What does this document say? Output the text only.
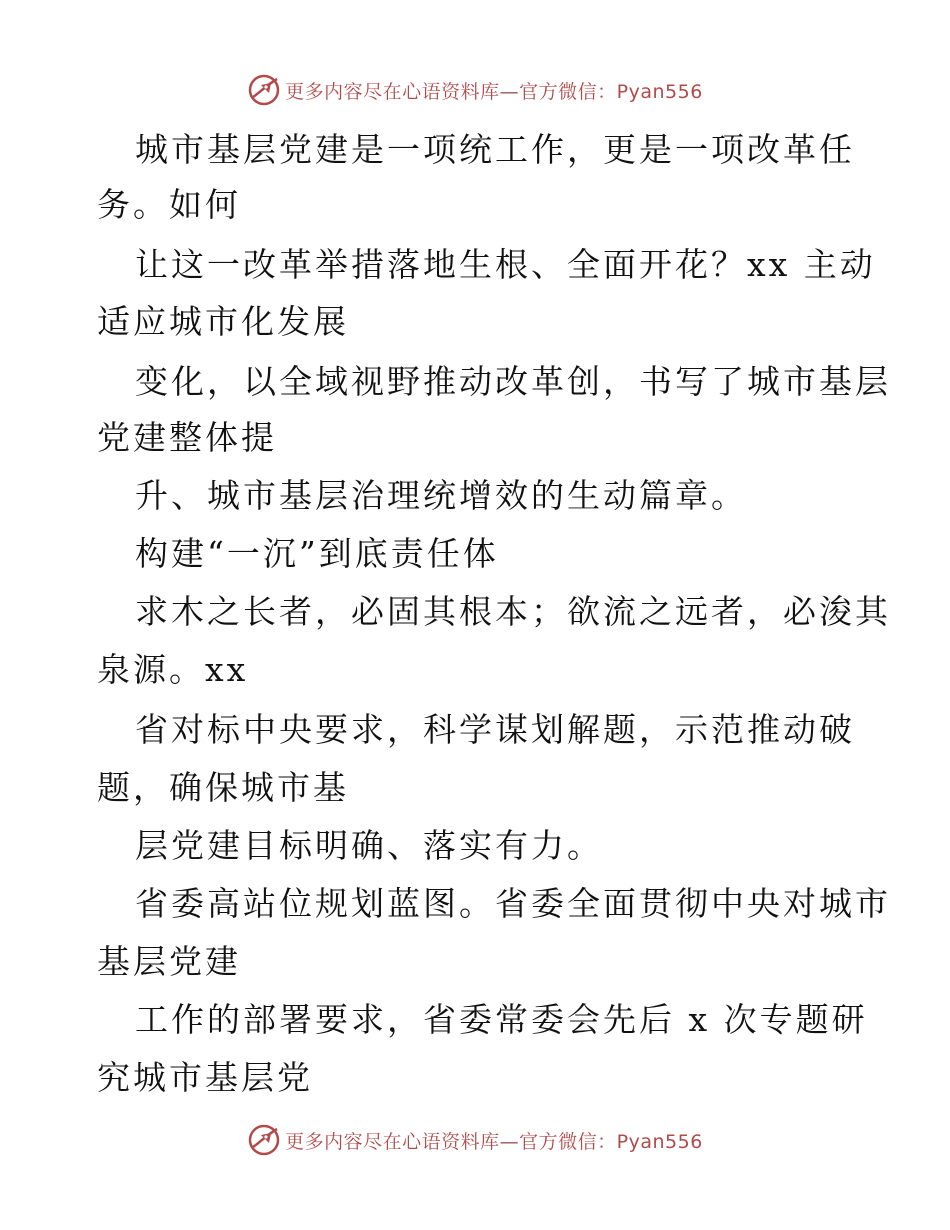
更多内容尽在心语资料库—官方微信：Pyan556
城市基层党建是一项统工作，更是一项改革任
务。如何
让这一改革举措落地生根、全面开花？xx 主动
适应城市化发展
变化，以全域视野推动改革创，书写了城市基层
党建整体提
升、城市基层治理统增效的生动篇章。
构建“一沉”到底责任体
求木之长者，必固其根本；欲流之远者，必浚其
泉源。xx
省对标中央要求，科学谋划解题，示范推动破
题，确保城市基
层党建目标明确、落实有力。
省委高站位规划蓝图。省委全面贯彻中央对城市
基层党建
工作的部署要求，省委常委会先后 x 次专题研
究城市基层党
更多内容尽在心语资料库—官方微信：Pyan556
